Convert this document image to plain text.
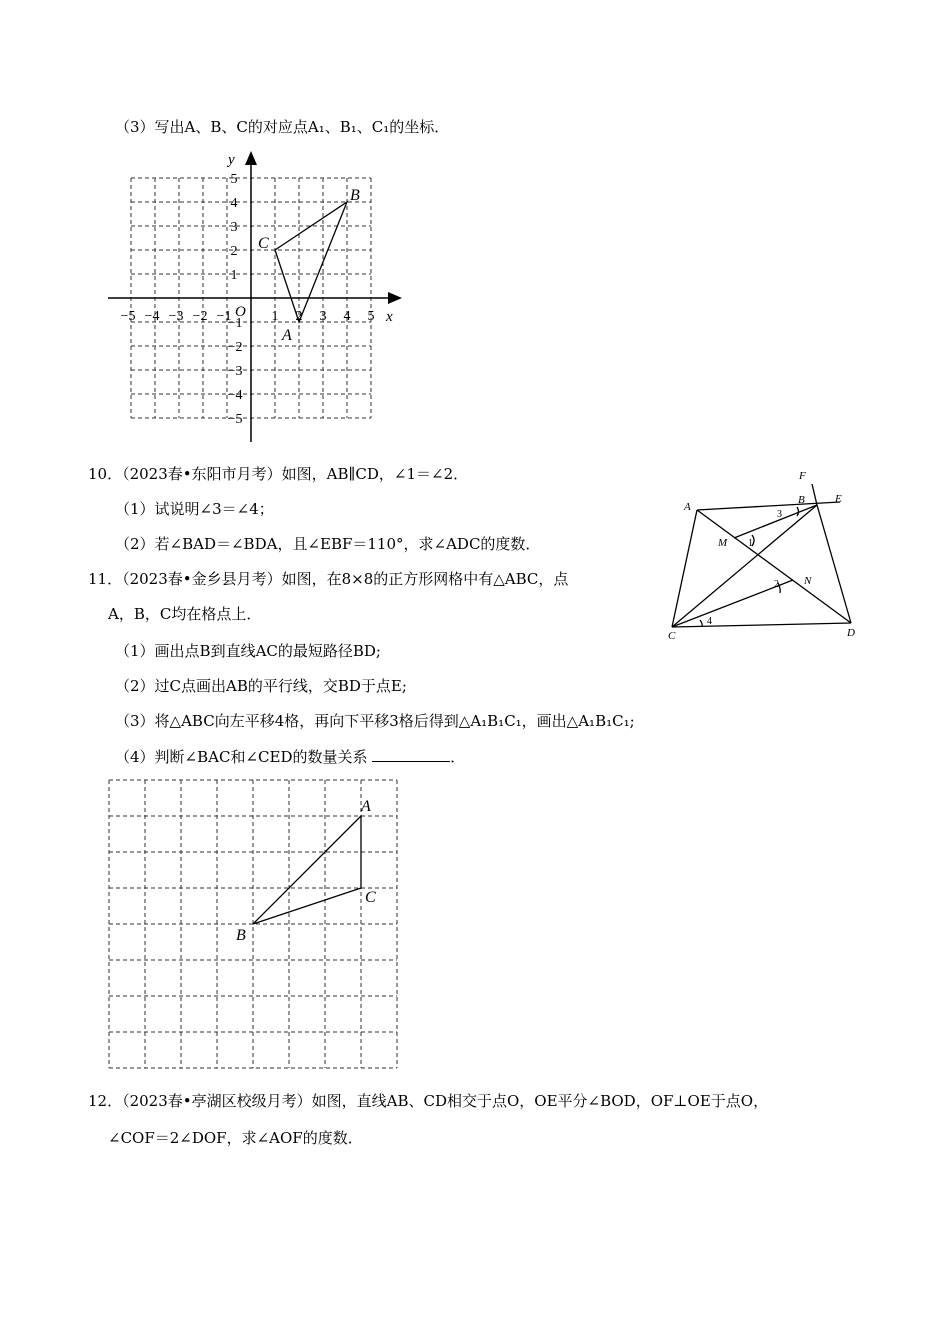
（3）写出A、B、C的对应点A₁、B₁、C₁的坐标．
x
y
O
−5 −4 −3 −2 −1	1 2 3 4 5
1
2
3
4
5
−1
−2
−3
−4
−5
B
C
A
10．（2023春•东阳市月考）如图，AB∥CD，∠1＝∠2．
（1）试说明∠3＝∠4；
（2）若∠BAD＝∠BDA，且∠EBF＝110°，求∠ADC的度数．
A
B
C	D
E
F
M
N
1
2
3
4
11．（2023春•金乡县月考）如图，在8×8的正方形网格中有△ABC，点
A，B，C均在格点上．
（1）画出点B到直线AC的最短路径BD;
（2）过C点画出AB的平行线，交BD于点E;
（3）将△ABC向左平移4格，再向下平移3格后得到△A₁B₁C₁，画出△A₁B₁C₁;
（4）判断∠BAC和∠CED的数量关系	．
A
C
B
12．（2023春•亭湖区校级月考）如图，直线AB、CD相交于点O，OE平分∠BOD，OF⊥OE于点O，
∠COF＝2∠DOF，求∠AOF的度数．
